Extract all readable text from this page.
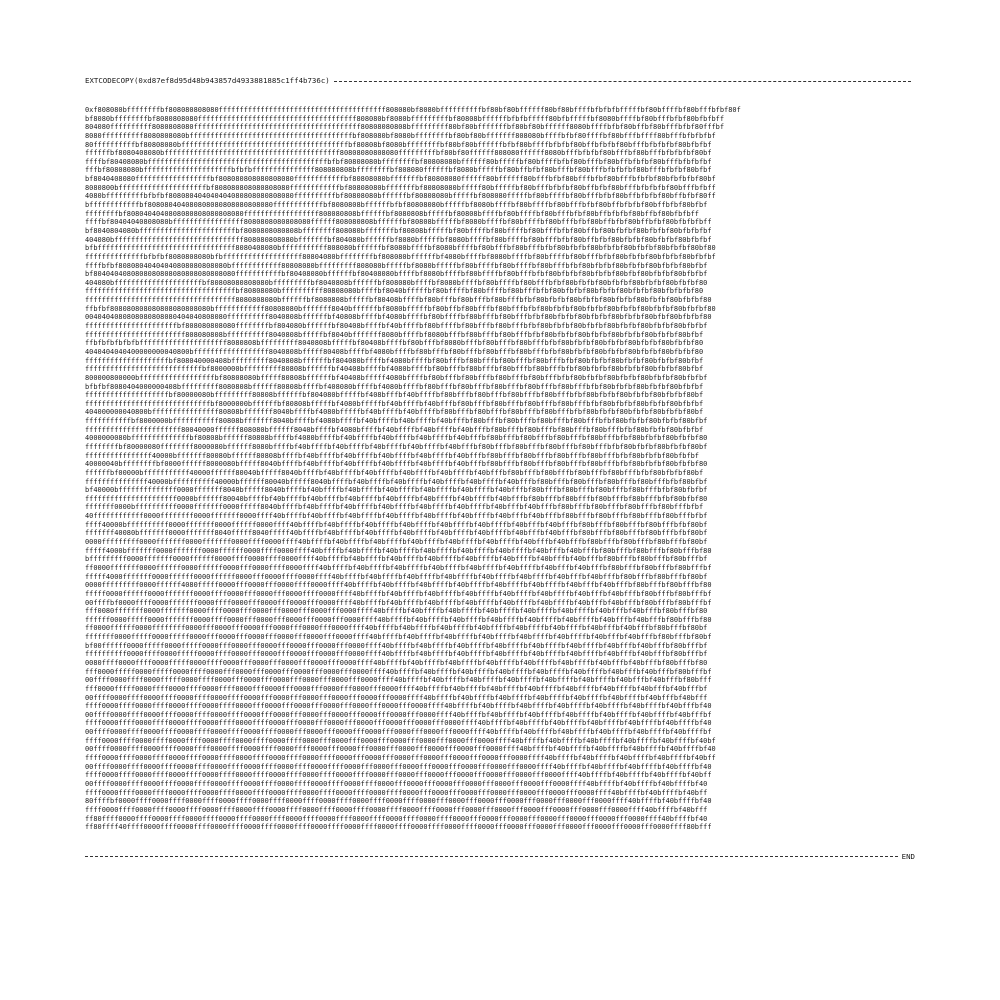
EXTCODECOPY(0xd87ef8d95d48b943857d4933881885c1ff4b736c)
0xf808080bffffffffbf808080808080ffffffffffffffffffffffffffffffffffffffff808080bf8080bffffffffffbf80bf80bffffff80bf80bffffbfbfbfbfffffbf80bffffbf80bfffbfbf80f
bf8080bffffffffbf8080808080ffffffffffffffffffffffffffffffffffffff808080bf8080bfffffffffbf80808bffffffbfbfbfffff80bfbfffffbf8080bffffbf80bfffbfbf80bfbfbff
804080ffffffffff8080808080ffffffffffffffffffffffffffffffffffffffff80808080808bfffffffff80bf80bfffffffbf80bf80bffffff8080bffffbfbf80bffbf80bfffbfbf80fffbf
8080ffffffffff8080808080bfffffffffffffffffffffffffffffffffffffffbf808080bf8080bffffffffbf80bf80bfffffff808080bffffbfbf80ffffbf80bfffbffff80bfffbfbfbfbf
80ffffffffffbf80808080bffffffffffffffffffffffffffffffffffffffffbf80808bf8080bffffffffbf80bf80bffffffbfbf80bffffbfbfbf80bffbfbfbf80bfffbfbfbfbf80bfbfbf
ffffffbf8080408080bffffffffffffffffffffffffffffffffffffffffff80808080808080fffffffffbf80bf80ffffff808080ffffff8080bfffbfbfbf80bfffbf80bfffbfbfbfbf80bf
ffffbf80408080bfffffffffffffffffffffffffffffffffffffffffffbfbf80808080bffffffffbf80808080bffffff80bfffffbf80bffffbfbf80bfffbf80bffbfbfbf80bfffbfbfbfbf
fffbf80808080bfffffffffffffffffffffbfbfbfffffffffffffff808080808bffffffffbf808080ffffffbf8080bfffffbf80bffbfbf80bfffbf80bfffbfbfbfbf80bfffbfbfbf80bfbf
bf8040408080ffffffffffffffffffbf808080808080808080ffffffffffffbf80808080bfffffffbf80808080ffffff80bffffff80bfffbfbf80bfffbfbf80bfffbfbfbf80bfbfbfbf80bf
8080800bfffffffffffffffffffffbf808080808080808080ffffffffffffbf80808080bfffffffbf80808080bfffff80bfffffbf80bfffbfbfbf80bffbfbf80bfffbfbfbfbf80bfffbfbff
4080bfffffffffbfbfbf808080404040404080808080808080ffffffffffbf80808080bffffffbf80808080bfffffbf808080fffffbf80bffffbf80bfffbfbf80bffbfbfbf80bffbfbf80ff
bffffffffffffbf808080404080808080808080808080ffffffffffffbf8080808bffffffbfbf80808080bfffffbf8080bffffbf80bffffbf80bfffbfbf80bffbfbfbf80bffbfbf80bfbf
ffffffffbf8080404040808080808080808080ffffffffffffffffff808080808bffffffbf8080808bfffffbf80808bffffbf80bffffbf80bfffbfbf80bffbfbfbf80bffbf80bfbfbff
ffffbf80404040808080bfffffffffffffffff8080808080808080ffffff808080808bffffffbf80808bfffffbf8080bffffbf80bffffbf80bfffbfbf80bffbfbf80bffbfbf80bfbfbfbff
bf8040804080bfffffffffffffffffffffffbf8080808080808bffffffff808080bfffffffbf80808bfffffbf80bffffbf80bffffbf80bfffbfbf80bffbf80bfbfbf80bfbfbf80bfbfbfbf
404080bfffffffffffffffffffffffffffffff808080808080bfffffffbf804080bffffffbf8080bfffffbf8080bffffbf80bffffbf80bfffbfbf80bffbfbf80bfbfbf80bfbfbf80bfbfbf
bfbfffffffffffffffffffffffffffffffff8080408080bfffffffffff808080bffffffbf8080bffffbf8080bffffbf80bfffbf80bfffbfbf80bfbfbf80bfbfbf80bfbfbf80bfbfbf80bf80
ffffffffffffffbfbfbf8080808080bfbfffffffffffffffffff80804080bffffffffbf808080bffffffbf4080bffffbf8080bffffbf80bffffbf80bfffbfbf80bfbfbf80bfbfbf80bfbfbf
ffffbfbf80808040404040808080808080bffffffffffff80808080bfffffffff808080bfffffbf8080bfffffbf80bffffbf80bffffbf80bfffbfbf80bfbfbf80bfbfbf80bfbfbf80bfbf
bf8040404080808080808080808080808080fffffffffffbf80408080bffffffbf80408080bffffbf8080bffffbf80bffffbf80bfffbfbf80bfbfbf80bfbfbf80bfbf80bfbfbf80bfbfbf
404080bfffffffffffffffffffffbf80808080808080bfffffffffbf8040808bffffffbf808080bffffbf8080bffffbf80bffffbf80bfffbfbf80bfbfbf80bfbfbf80bfbfbf80bfbfbf80
ffffffffffffffffffffffffffffffffffffbf80808080bffffffffff80808080bffffbf8040bfffffbf80bffffbf80bffffbf80bfffbfbf80bfbfbf80bfbfbf80bfbfbf80bfbfbfbf80
ffffffffffffffffffffffffffffffffffff8080808080bffffffbf8080808bfffffbf80408bffffbf80bfffbf80bfffbf80bfffbfbf80bfbfbf80bfbfbf80bfbfbf80bfbfbf80bfbfbf80
ffbfbf808080808080808080808080bffffffffffff80808080bfffffff8040bffffffbf8080bfffffbf80bffbf80bfffbf80bfffbfbf80bfbfbf80bfbfbf80bfbfbf80bfbfbf80bfbfbf80
0040404080808080808080404040808080ffffffffff8040808bffffffbf40808bffffbf4080bffffbf80bffffbf80bfffbf80bfffbfbf80bfbfbf80bfbfbf80bfbfbf80bfbf80bfbfbf80
ffffffffffffffffffffffbf808080808080ffffffffbf804080bffffffbf80408bffffbf40bffffbf80bffffbf80bfffbf80bfffbfbf80bfbfbf80bfbfbf80bfbfbf80bfbfbf80bfbfbf
ffffffffffffffffffffffff808080808bffffffffff8040808bfffffbf8040bfffffff8080bffffbf8080bfffbf80bfffbf80bfffbfbf80bfbfbf80bfbfbf80bfbfbf80bfbfbf80bfbf
ffbfbfbfbfbfbfffffffffffffffffffff8080808bfffffffff8040808bfffffbf80408bffffbf80bfffbf8080bfffbf80bfffbf80bfffbfbf80bfbfbf80bfbfbf80bfbfbf80bfbfbf80
4040404040400000000040800bffffffffffffffffff8040808bfffff80408bffffbf4080bffffbf80bfffbf80bfffbf80bfffbf80bfffbfbf80bfbfbf80bfbfbf80bfbfbf80bfbfbf80
ffffffffffffffffffffbf808040000408bfffffffff8040808bffffffbf804080bffffbf4080bffffbf80bfffbf80bfffbf80bfffbf80bfffbfbf80bfbfbf80bfbfbf80bfbfbf80bfbf
ffffffffffffffffffffffffffffbf8000000bfffffffff80808bffffffbf40408bffffbf4080bffffbf80bfffbf80bfffbf80bfffbf80bfffbfbf80bfbfbf80bfbfbf80bfbfbf80bfbf
800000800000bffffffffffffffffffbf80808080bfffff80808bffffffbf40408bfffff4080bffffbf80bfffbf80bfffbf80bfffbf80bfffbfbf80bfbfbf80bfbfbf80bfbfbf80bfbfbf
bfbfbf8080404000000408bfffffffff8080808bffffff80808bffffbf408080bffffbf4080bffffbf80bfffbf80bfffbf80bfffbf80bfffbf80bfffbfbf80bfbfbf80bfbfbf80bfbfbf
ffffffffffffffffffffbf80000080bfffffffff80808bffffffbf804080bfffffbf408bfffbf40bffffbf80bfffbf80bfffbf80bfffbf80bfffbfbf80bfbfbf80bfbfbf80bfbfbf80bf
ffffffffffffffffffffffffffffffbf8000000bffffffbf80808bfffffbf4080bfffffbf40bffffbf40bfffbf80bfffbf80bfffbf80bfffbf80bfffbfbf80bfbfbf80bfbfbf80bfbfbf
404000000040800bffffffffffffffff80808bfffffff8040bffffbf4080bfffffbf40bffffbf40bffffbf80bfffbf80bfffbf80bfffbf80bfffbfbf80bfbfbf80bfbfbf80bfbfbf80bf
fffffffffffbf8000000bfffffffffff80808bfffffff8040bffffbf4080bffffbf40bffffbf40bffffbf40bfffbf80bfffbf80bfffbf80bfffbf80bfffbfbf80bfbfbf80bfbfbf80bfbf
fffffffffffffffffffffff80040000ffffff808080bffffff8040bffffbf4080bffffbf40bffffbf40bffffbf40bfffbf80bfffbf80bfffbf80bfffbf80bfffbfbf80bfbfbf80bfbfbf
4000000080bffffffffffffffbf80808bffffff80808bffffbf4080bffffbf40bffffbf40bffffbf40bffffbf40bfffbf80bfffbf80bfffbf80bfffbf80bfffbfbf80bfbfbf80bfbfbf80
ffffffffbf80000080ffffffff8000080bffffff8080bffffbf40bffffbf40bffffbf40bffffbf40bffffbf40bfffbf80bfffbf80bfffbf80bfffbf80bfffbfbf80bfbfbf80bfbfbf80bf
ffffffffffffffff40000bfffffff80080bffffff80808bffffbf40bffffbf40bffffbf40bffffbf40bffffbf40bfffbf80bfffbf80bfffbf80bfffbf80bfffbfbf80bfbfbf80bfbfbf
40000040bffffffffbf0000ffffff8000080bfffff8040bffffbf40bffffbf40bffffbf40bffffbf40bffffbf40bfffbf80bfffbf80bfffbf80bfffbf80bfffbfbf80bfbfbf80bfbfbf80
ffffffbf00000bfffffffffff40000ffffff80040bfffff8040bffffbf40bffffbf40bffffbf40bffffbf40bffffbf40bfffbf80bfffbf80bfffbf80bfffbf80bfffbfbf80bfbfbf80bf
fffffffffffffff40000bffffffffff40000bffffff80040bfffff8040bffffbf40bffffbf40bffffbf40bffffbf40bffffbf40bfffbf80bfffbf80bfffbf80bfffbf80bfffbfbf80bfbf
bf40000bffffffffffffff0000fffffff8040bfffff8040bffffbf40bffffbf40bffffbf40bffffbf40bffffbf40bffffbf40bfffbf80bfffbf80bfffbf80bfffbf80bfffbfbf80bfbfbf
ffffffffffffffffffffff0000bffffff80040bffffbf40bffffbf40bffffbf40bffffbf40bffffbf40bffffbf40bffffbf40bfffbf80bfffbf80bfffbf80bfffbf80bfffbfbf80bfbf80
fffffff0000bffffffffff0000fffffff0000fffff8040bffffbf40bffffbf40bffffbf40bffffbf40bffffbf40bffffbf40bfffbf40bfffbf80bfffbf80bfffbf80bfffbf80bfffbfbf
40ffffffffffff0000ffffffff0000fffffff0000ffff40bffffbf40bffffbf40bffffbf40bffffbf40bffffbf40bffffbf40bfffbf40bfffbf80bfffbf80bfffbf80bfffbf80bfffbfbf
ffff40000bffffffffff0000fffffff0000ffffff0000ffff40bffffbf40bffffbf40bffffbf40bffffbf40bffffbf40bffffbf40bfffbf40bfffbf80bfffbf80bfffbf80bfffbfbf80bf
fffffff40080bfffffff0000fffffff8040fffff8040fffff40bffffbf40bffffbf40bffffbf40bffffbf40bffffbf40bffffbf40bfffbf40bfffbf80bfffbf80bfffbf80bfffbfbf80bf
0000fffffffff0000fffffff0000fffffff0000ffff0000ffff40bffffbf40bffffbf40bffffbf40bffffbf40bffffbf40bffffbf40bfffbf40bfffbf80bfffbf80bfffbf80bfffbf80bf
fffff4000bfffffff0000fffffff0000ffffff0000ffff0000ffff40bffffbf40bffffbf40bffffbf40bffffbf40bffffbf40bffffbf40bfffbf40bfffbf80bfffbf80bfffbf80bfffbf80
bfffffffff0000fffffff0000ffffff0000ffff0000ffff0000ffff40bffffbf40bffffbf40bffffbf40bffffbf40bffffbf40bffffbf40bfffbf40bfffbf80bfffbf80bfffbf80bfffbf
ff0000fffffff0000ffffff0000ffffff0000fff0000ffff0000ffff40bffffbf40bffffbf40bffffbf40bffffbf40bffffbf40bffffbf40bfffbf40bfffbf80bfffbf80bfffbf80bfffbf
fffff4000fffffff0000ffffff0000ffffff0000fff0000ffff0000ffff40bffffbf40bffffbf40bffffbf40bffffbf40bffffbf40bffffbf40bfffbf40bfffbf80bfffbf80bfffbf80bf
0000fffffffff0000ffffff4080fffff0000fff0000fff0000ffff0000ffff40bffffbf40bffffbf40bffffbf40bffffbf40bffffbf40bffffbf40bfffbf40bfffbf80bfffbf80bfffbf80
fffff0000ffffff0000fffffff0000ffff0000fff0000fff0000ffff0000ffff40bffffbf40bffffbf40bffffbf40bffffbf40bffffbf40bffffbf40bfffbf40bfffbf80bfffbf80bfffbf
00ffffbf0000ffff0000fffffff0000ffff0000fff0000fff0000fff0000ffff40bffffbf40bffffbf40bffffbf40bffffbf40bffffbf40bffffbf40bfffbf40bfffbf80bfffbf80bfffbf
fff0080fffffff0000fffffff0000ffff0000fff0000fff0000fff0000fff0000ffff40bffffbf40bffffbf40bffffbf40bffffbf40bffffbf40bffffbf40bfffbf40bfffbf80bfffbf80
ffffff0000fffff0000fffffff0000ffff0000fff0000fff0000fff0000fff0000ffff40bffffbf40bffffbf40bffffbf40bffffbf40bffffbf40bffffbf40bfffbf40bfffbf80bfffbf80
ff0000ffffff0000ffffffff0000fff0000fff0000fff0000fff0000fff0000ffff40bffffbf40bffffbf40bffffbf40bffffbf40bffffbf40bffffbf40bfffbf40bfffbf80bfffbf80bf
fffffff0000fffff0000fffff0000fff0000fff0000fff0000fff0000fff0000ffff40bffffbf40bffffbf40bffffbf40bffffbf40bffffbf40bffffbf40bfffbf40bfffbf80bfffbf80bf
bf00ffffff0000fffff0000fffff0000fff0000fff0000fff0000fff0000fff0000ffff40bffffbf40bffffbf40bffffbf40bffffbf40bffffbf40bffffbf40bfffbf40bfffbf80bfffbf
ffffffffff0000ffff0000fffff0000ffff0000fff0000fff0000fff0000fff0000ffff40bffffbf40bffffbf40bffffbf40bffffbf40bffffbf40bffffbf40bfffbf40bfffbf80bfffbf
0080ffff0000ffff0000fffff0000ffff0000fff0000fff0000fff0000fff0000ffff40bffffbf40bffffbf40bffffbf40bffffbf40bffffbf40bffffbf40bfffbf40bfffbf80bfffbf80
fff0000fffff0000fffff0000ffff0000fff0000fff0000fff0000fff0000fff0000ffff40bffffbf40bffffbf40bffffbf40bffffbf40bffffbf40bffffbf40bfffbf40bfffbf80bfffbf
00ffff0000ffff0000fffff0000ffff0000fff0000fff0000fff0000fff0000fff0000ffff40bffffbf40bffffbf40bffffbf40bffffbf40bffffbf40bffffbf40bfffbf40bfffbf80bfff
fff0000fffff0000ffff0000ffff0000ffff0000fff0000fff0000fff0000fff0000fff0000ffff40bffffbf40bffffbf40bffffbf40bffffbf40bffffbf40bffffbf40bfffbf40bfffbf
00ffff0000ffff0000ffff0000ffff0000ffff0000fff0000fff0000fff0000fff0000fff0000ffff40bffffbf40bffffbf40bffffbf40bffffbf40bffffbf40bffffbf40bfffbf40bfff
ffff0000ffff0000ffff0000ffff0000ffff0000fff0000fff0000fff0000fff0000fff0000fff0000ffff40bffffbf40bffffbf40bffffbf40bffffbf40bffffbf40bffffbf40bfffbf40
00ffff0000ffff0000ffff0000ffff0000ffff0000fff0000fff0000fff0000fff0000fff0000fff0000ffff40bffffbf40bffffbf40bffffbf40bffffbf40bffffbf40bffffbf40bfffbf
ffff0000ffff0000ffff0000ffff0000ffff0000ffff0000fff0000fff0000fff0000fff0000fff0000fff0000ffff40bffffbf40bffffbf40bffffbf40bffffbf40bffffbf40bffffbf40
00ffff0000ffff0000ffff0000ffff0000ffff0000ffff0000fff0000fff0000fff0000fff0000fff0000fff0000ffff40bffffbf40bffffbf40bffffbf40bffffbf40bffffbf40bffffbf
ffff0000ffff0000ffff0000ffff0000ffff0000ffff0000ffff0000fff0000fff0000fff0000fff0000fff0000fff0000ffff40bffffbf40bffffbf40bffffbf40bffffbf40bffffbf40bf
00ffff0000ffff0000ffff0000ffff0000ffff0000ffff0000ffff0000fff0000fff0000fff0000fff0000fff0000fff0000ffff40bffffbf40bffffbf40bffffbf40bffffbf40bffffbf40
ffff0000ffff0000ffff0000ffff0000ffff0000ffff0000ffff0000ffff0000fff0000fff0000fff0000fff0000fff0000fff0000ffff40bffffbf40bffffbf40bffffbf40bffffbf40bff
00ffff0000ffff0000ffff0000ffff0000ffff0000ffff0000ffff0000ffff0000fff0000fff0000fff0000fff0000fff0000fff0000ffff40bffffbf40bffffbf40bffffbf40bffffbf40
ffff0000ffff0000ffff0000ffff0000ffff0000ffff0000ffff0000ffff0000ffff0000fff0000fff0000fff0000fff0000fff0000fff0000ffff40bffffbf40bffffbf40bffffbf40bff
00ffff0000ffff0000ffff0000ffff0000ffff0000ffff0000ffff0000ffff0000ffff0000fff0000fff0000fff0000fff0000fff0000fff0000ffff40bffffbf40bffffbf40bffffbf40
ffff0000ffff0000ffff0000ffff0000ffff0000ffff0000ffff0000ffff0000ffff0000ffff0000fff0000fff0000fff0000fff0000fff0000fff0000ffff40bffffbf40bffffbf40bff
80ffffbf0000ffff0000ffff0000ffff0000ffff0000ffff0000ffff0000ffff0000ffff0000ffff0000fff0000fff0000fff0000fff0000fff0000fff0000ffff40bffffbf40bffffbf40
ffff0000ffff0000ffff0000ffff0000ffff0000ffff0000ffff0000ffff0000ffff0000ffff0000ffff0000fff0000fff0000fff0000fff0000fff0000fff0000ffff40bffffbf40bfff
ff80ffff0000ffff0000ffff0000ffff0000ffff0000ffff0000ffff0000ffff0000ffff0000ffff0000ffff0000fff0000fff0000fff0000fff0000fff0000fff0000ffff40bffffbf40
ff80ffff40ffff0000ffff0000ffff0000ffff0000ffff0000ffff0000ffff0000ffff0000ffff0000ffff0000ffff0000fff0000fff0000fff0000fff0000fff0000fff0000ffff80bfff
END
